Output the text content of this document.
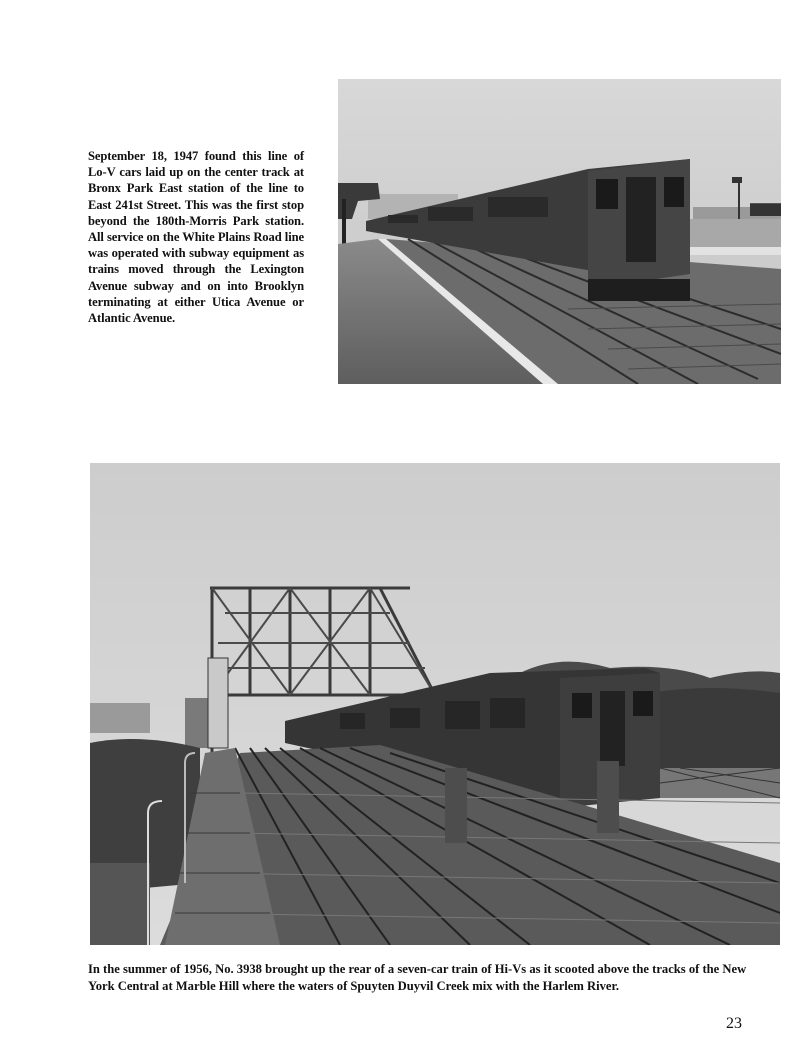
September 18, 1947 found this line of Lo-V cars laid up on the center track at Bronx Park East station of the line to East 241st Street. This was the first stop beyond the 180th-Morris Park station. All service on the White Plains Road line was operated with subway equipment as trains moved through the Lexington Avenue subway and on into Brooklyn terminating at either Utica Avenue or Atlantic Avenue.
In the summer of 1956, No. 3938 brought up the rear of a seven-car train of Hi-Vs as it scooted above the tracks of the New York Central at Marble Hill where the waters of Spuyten Duyvil Creek mix with the Harlem River.
23
